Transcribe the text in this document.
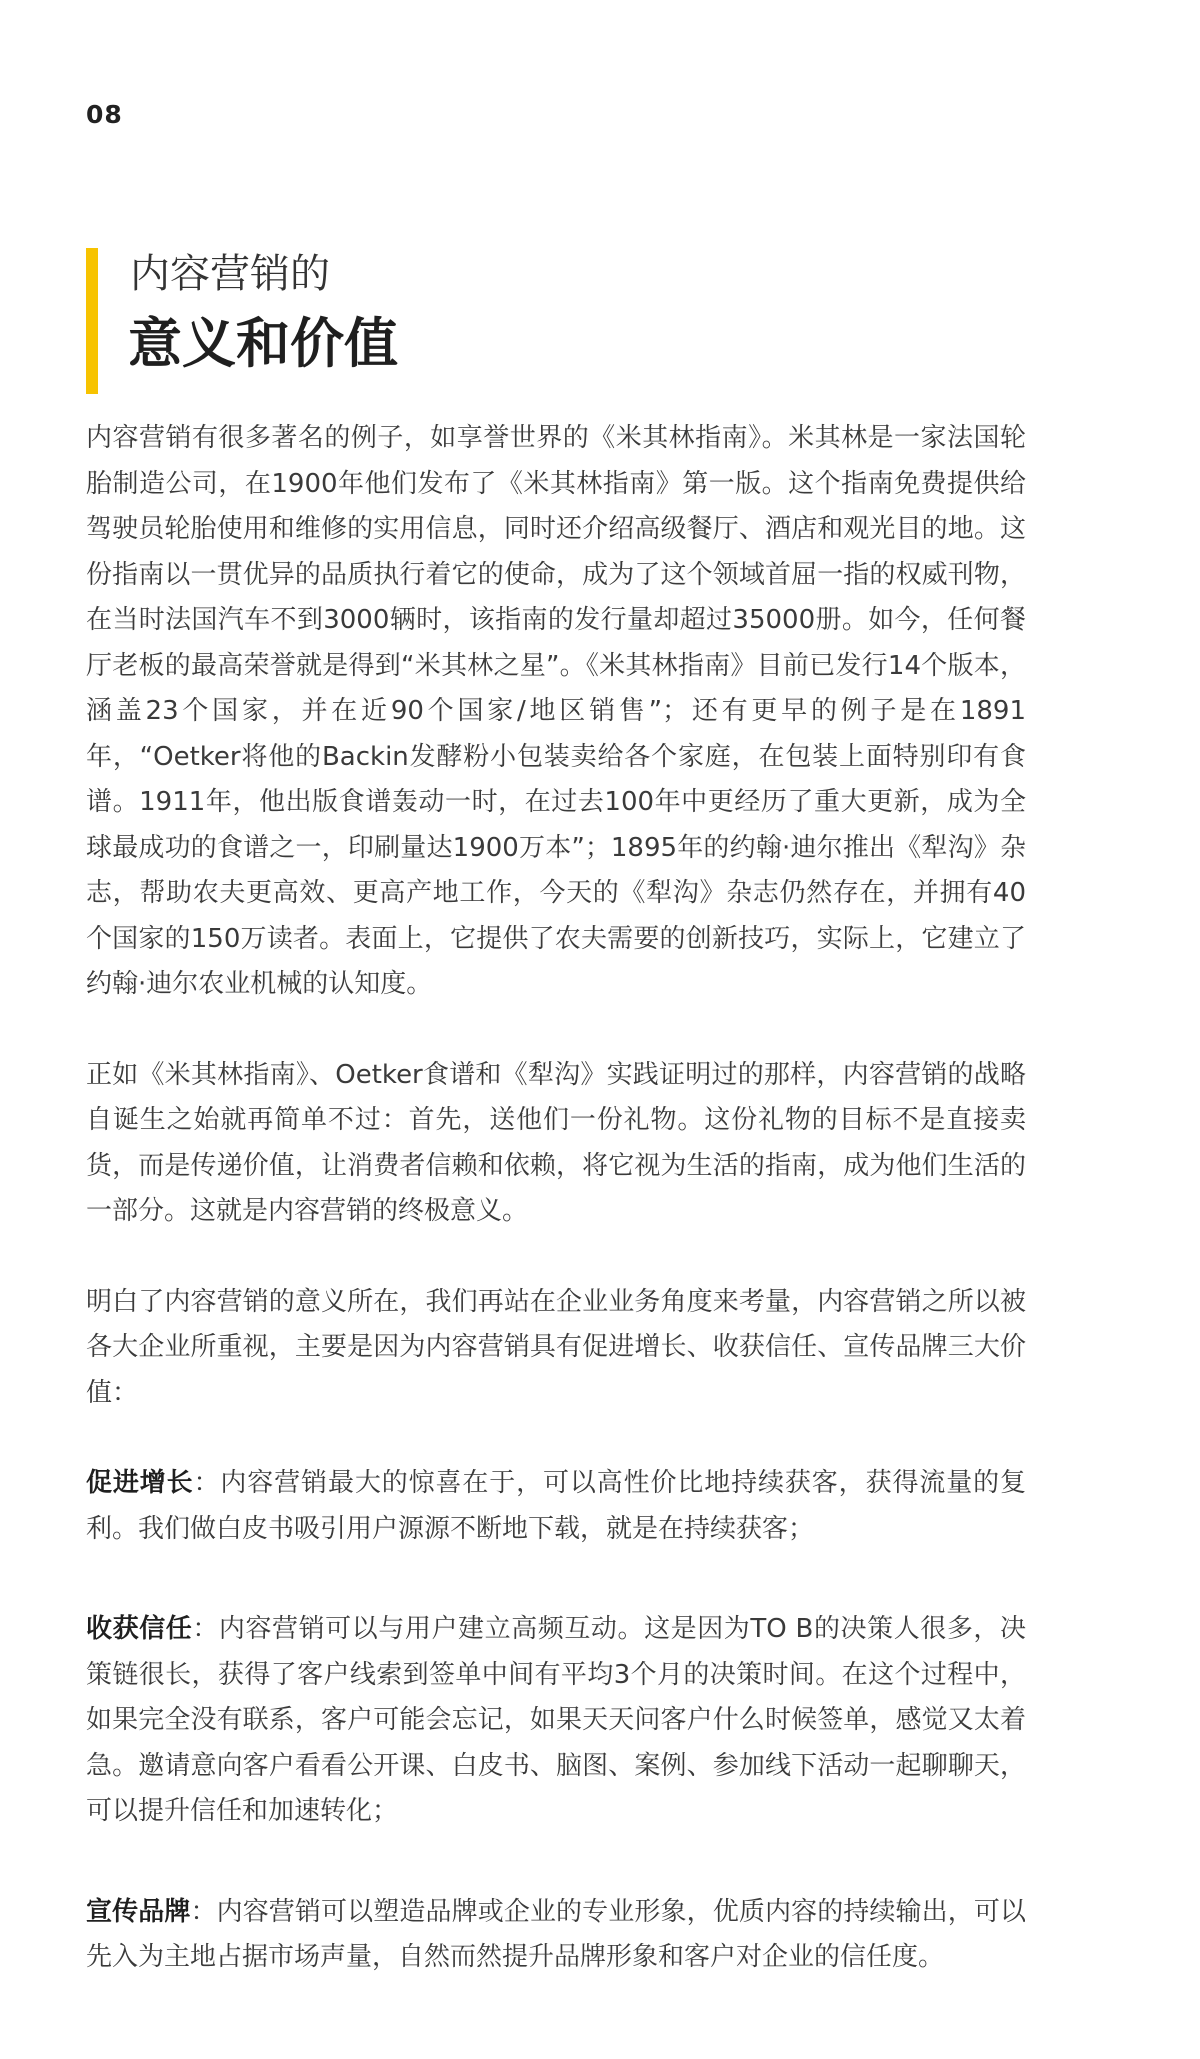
08
内容营销的
意义和价值

内容营销有很多著名的例子，如享誉世界的《米其林指南》。米其林是一家法国轮胎制造公司，在1900年他们发布了《米其林指南》第一版。这个指南免费提供给驾驶员轮胎使用和维修的实用信息，同时还介绍高级餐厅、酒店和观光目的地。这份指南以一贯优异的品质执行着它的使命，成为了这个领域首屈一指的权威刊物，在当时法国汽车不到3000辆时，该指南的发行量却超过35000册。如今，任何餐厅老板的最高荣誉就是得到“米其林之星”。《米其林指南》目前已发行14个版本，涵盖23个国家，并在近90个国家/地区销售”；还有更早的例子是在1891年，“Oetker将他的Backin发酵粉小包装卖给各个家庭，在包装上面特别印有食谱。1911年，他出版食谱轰动一时，在过去100年中更经历了重大更新，成为全球最成功的食谱之一，印刷量达1900万本”；1895年的约翰·迪尔推出《犁沟》杂志，帮助农夫更高效、更高产地工作，今天的《犁沟》杂志仍然存在，并拥有40个国家的150万读者。表面上，它提供了农夫需要的创新技巧，实际上，它建立了约翰·迪尔农业机械的认知度。

正如《米其林指南》、Oetker食谱和《犁沟》实践证明过的那样，内容营销的战略自诞生之始就再简单不过：首先，送他们一份礼物。这份礼物的目标不是直接卖货，而是传递价值，让消费者信赖和依赖，将它视为生活的指南，成为他们生活的一部分。这就是内容营销的终极意义。

明白了内容营销的意义所在，我们再站在企业业务角度来考量，内容营销之所以被各大企业所重视，主要是因为内容营销具有促进增长、收获信任、宣传品牌三大价值：

促进增长：内容营销最大的惊喜在于，可以高性价比地持续获客，获得流量的复利。我们做白皮书吸引用户源源不断地下载，就是在持续获客；

收获信任：内容营销可以与用户建立高频互动。这是因为TO B的决策人很多，决策链很长，获得了客户线索到签单中间有平均3个月的决策时间。在这个过程中，如果完全没有联系，客户可能会忘记，如果天天问客户什么时候签单，感觉又太着急。邀请意向客户看看公开课、白皮书、脑图、案例、参加线下活动一起聊聊天，可以提升信任和加速转化；

宣传品牌：内容营销可以塑造品牌或企业的专业形象，优质内容的持续输出，可以先入为主地占据市场声量，自然而然提升品牌形象和客户对企业的信任度。
